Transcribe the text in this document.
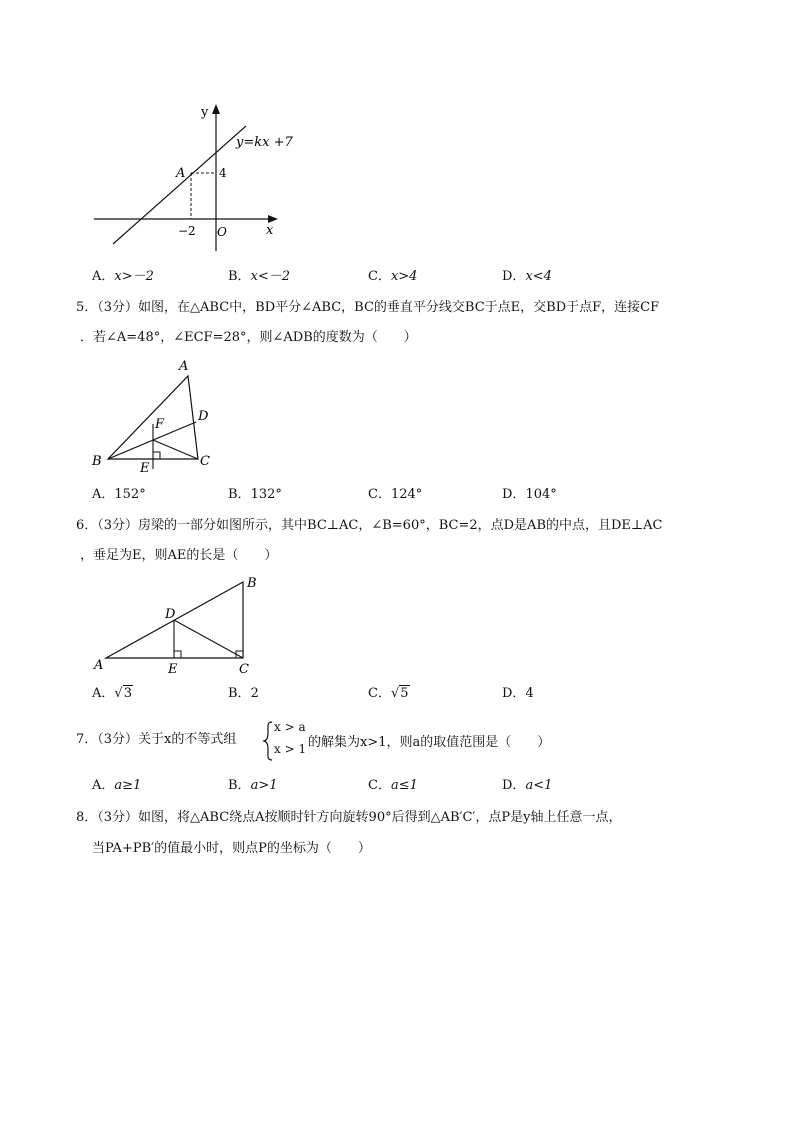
y
y=kx +7
A	4
−2 O	x
A．x>－2	B．x<－2	C．x>4	D．x<4
5．（3分）如图，在△ABC中，BD平分∠ABC，BC的垂直平分线交BC于点E，交BD于点F，连接CF
．若∠A=48°，∠ECF=28°，则∠ADB的度数为（　　）
A
D
F
B	C
E
A．152°	B．132°	C．124°	D．104°
6．（3分）房梁的一部分如图所示，其中BC⊥AC，∠B=60°，BC=2，点D是AB的中点，且DE⊥AC
，垂足为E，则AE的长是（　　）
B
D
A	E	C
A．√3	B．2	C．√5	D．4
7．（3分）关于x的不等式组
x > a
x > 1 的解集为x>1，则a的取值范围是（　　）
A．a≥1	B．a>1	C．a≤1	D．a<1
8．（3分）如图，将△ABC绕点A按顺时针方向旋转90°后得到△AB′C′，点P是y轴上任意一点，
当PA+PB′的值最小时，则点P的坐标为（　　）
